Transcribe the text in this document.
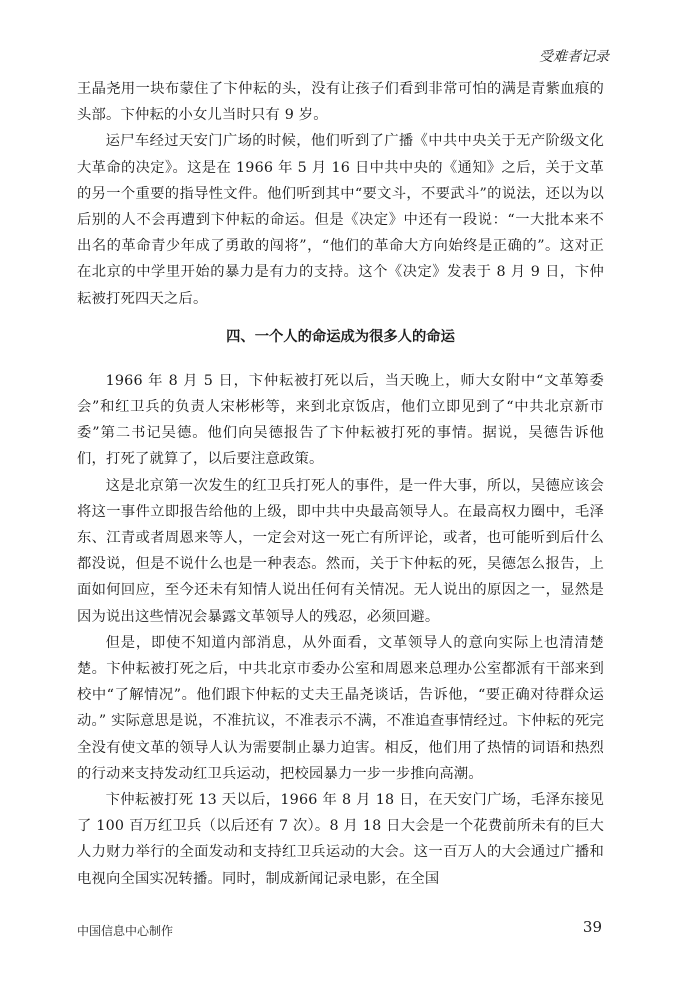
受难者记录

王晶尧用一块布蒙住了卞仲耘的头，没有让孩子们看到非常可怕的满是青紫血痕的头部。卞仲耘的小女儿当时只有 9 岁。

运尸车经过天安门广场的时候，他们听到了广播《中共中央关于无产阶级文化大革命的决定》。这是在 1966 年 5 月 16 日中共中央的《通知》之后，关于文革的另一个重要的指导性文件。他们听到其中“要文斗，不要武斗”的说法，还以为以后别的人不会再遭到卞仲耘的命运。但是《决定》中还有一段说：“一大批本来不出名的革命青少年成了勇敢的闯将”，“他们的革命大方向始终是正确的”。这对正在北京的中学里开始的暴力是有力的支持。这个《决定》发表于 8 月 9 日，卞仲耘被打死四天之后。

四、一个人的命运成为很多人的命运

1966 年 8 月 5 日，卞仲耘被打死以后，当天晚上，师大女附中“文革筹委会”和红卫兵的负责人宋彬彬等，来到北京饭店，他们立即见到了“中共北京新市委”第二书记吴德。他们向吴德报告了卞仲耘被打死的事情。据说，吴德告诉他们，打死了就算了，以后要注意政策。

这是北京第一次发生的红卫兵打死人的事件，是一件大事，所以，吴德应该会将这一事件立即报告给他的上级，即中共中央最高领导人。在最高权力圈中，毛泽东、江青或者周恩来等人，一定会对这一死亡有所评论，或者，也可能听到后什么都没说，但是不说什么也是一种表态。然而，关于卞仲耘的死，吴德怎么报告，上面如何回应，至今还未有知情人说出任何有关情况。无人说出的原因之一，显然是因为说出这些情况会暴露文革领导人的残忍，必须回避。

但是，即使不知道内部消息，从外面看，文革领导人的意向实际上也清清楚楚。卞仲耘被打死之后，中共北京市委办公室和周恩来总理办公室都派有干部来到校中“了解情况”。他们跟卞仲耘的丈夫王晶尧谈话，告诉他，“要正确对待群众运动。” 实际意思是说，不准抗议，不准表示不满，不准追查事情经过。卞仲耘的死完全没有使文革的领导人认为需要制止暴力迫害。相反，他们用了热情的词语和热烈的行动来支持发动红卫兵运动，把校园暴力一步一步推向高潮。

卞仲耘被打死 13 天以后，1966 年 8 月 18 日，在天安门广场，毛泽东接见了 100 百万红卫兵（以后还有 7 次）。8 月 18 日大会是一个花费前所未有的巨大人力财力举行的全面发动和支持红卫兵运动的大会。这一百万人的大会通过广播和电视向全国实况转播。同时，制成新闻记录电影，在全国

中国信息中心制作	39
